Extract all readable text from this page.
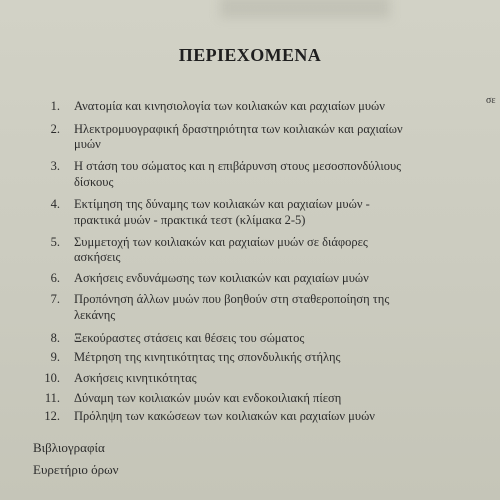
ΠΕΡΙΕΧΟΜΕΝΑ
σε
1. Ανατομία και κινησιολογία των κοιλιακών και ραχιαίων μυών
2. Ηλεκτρομυογραφική δραστηριότητα των κοιλιακών και ραχιαίων
μυών
3. Η στάση του σώματος και η επιβάρυνση στους μεσοσπονδύλιους
δίσκους
4. Εκτίμηση της δύναμης των κοιλιακών και ραχιαίων μυών -
πρακτικά μυών - πρακτικά τεστ (κλίμακα 2-5)
5. Συμμετοχή των κοιλιακών και ραχιαίων μυών σε διάφορες
ασκήσεις
6. Ασκήσεις ενδυνάμωσης των κοιλιακών και ραχιαίων μυών
7. Προπόνηση άλλων μυών που βοηθούν στη σταθεροποίηση της
λεκάνης
8. Ξεκούραστες στάσεις και θέσεις του σώματος
9. Μέτρηση της κινητικότητας της σπονδυλικής στήλης
10. Ασκήσεις κινητικότητας
11. Δύναμη των κοιλιακών μυών και ενδοκοιλιακή πίεση
12. Πρόληψη των κακώσεων των κοιλιακών και ραχιαίων μυών
Βιβλιογραφία
Ευρετήριο όρων
